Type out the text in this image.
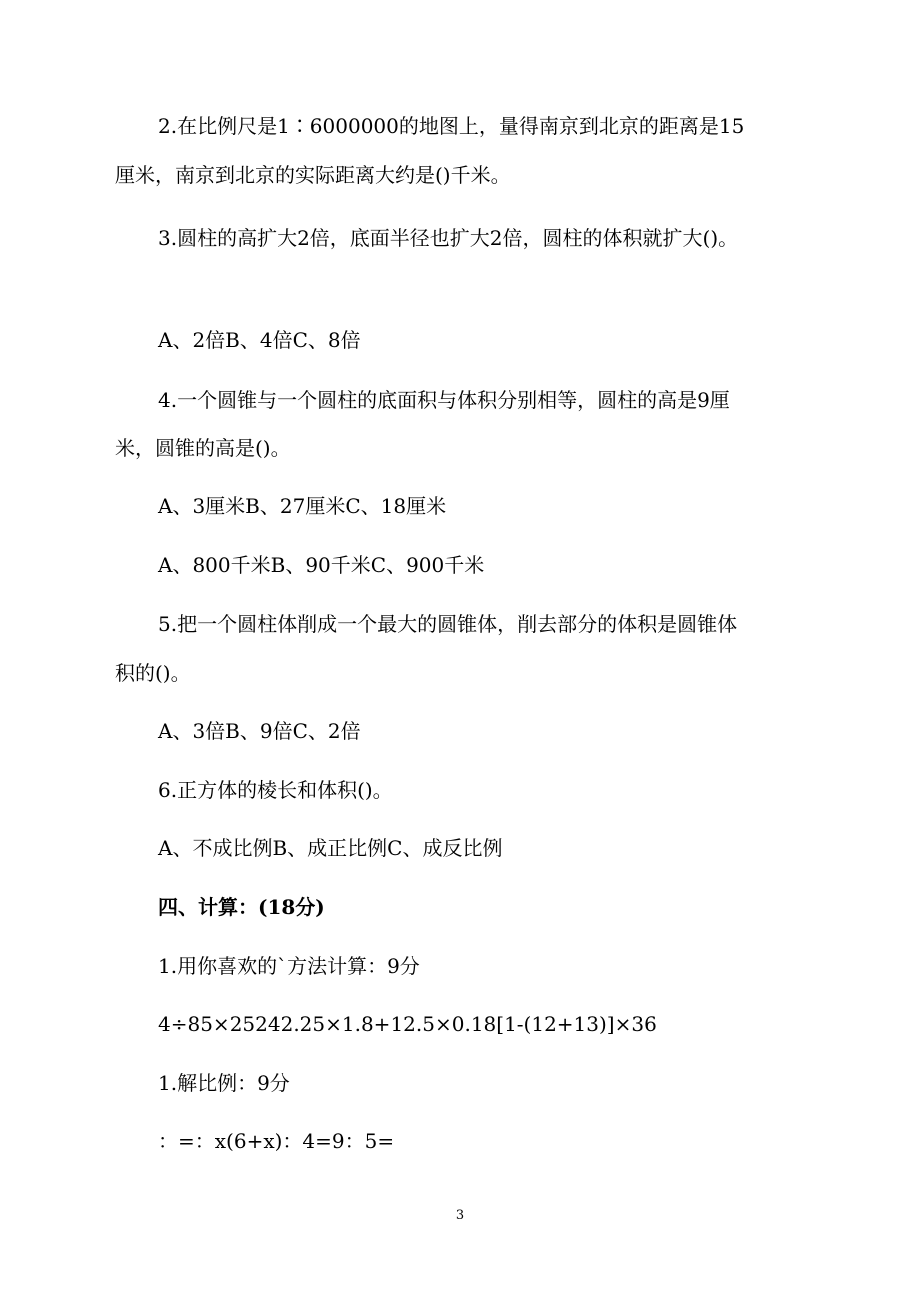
2.在比例尺是1∶6000000的地图上，量得南京到北京的距离是15
厘米，南京到北京的实际距离大约是()千米。
3.圆柱的高扩大2倍，底面半径也扩大2倍，圆柱的体积就扩大()。
A、2倍B、4倍C、8倍
4.一个圆锥与一个圆柱的底面积与体积分别相等，圆柱的高是9厘
米，圆锥的高是()。
A、3厘米B、27厘米C、18厘米
A、800千米B、90千米C、900千米
5.把一个圆柱体削成一个最大的圆锥体，削去部分的体积是圆锥体
积的()。
A、3倍B、9倍C、2倍
6.正方体的棱长和体积()。
A、不成比例B、成正比例C、成反比例
四、计算：(18分)
1.用你喜欢的`方法计算：9分
4÷85×25242.25×1.8+12.5×0.18[1-(12+13)]×36
1.解比例：9分
：=：x(6+x)：4=9：5=
3
